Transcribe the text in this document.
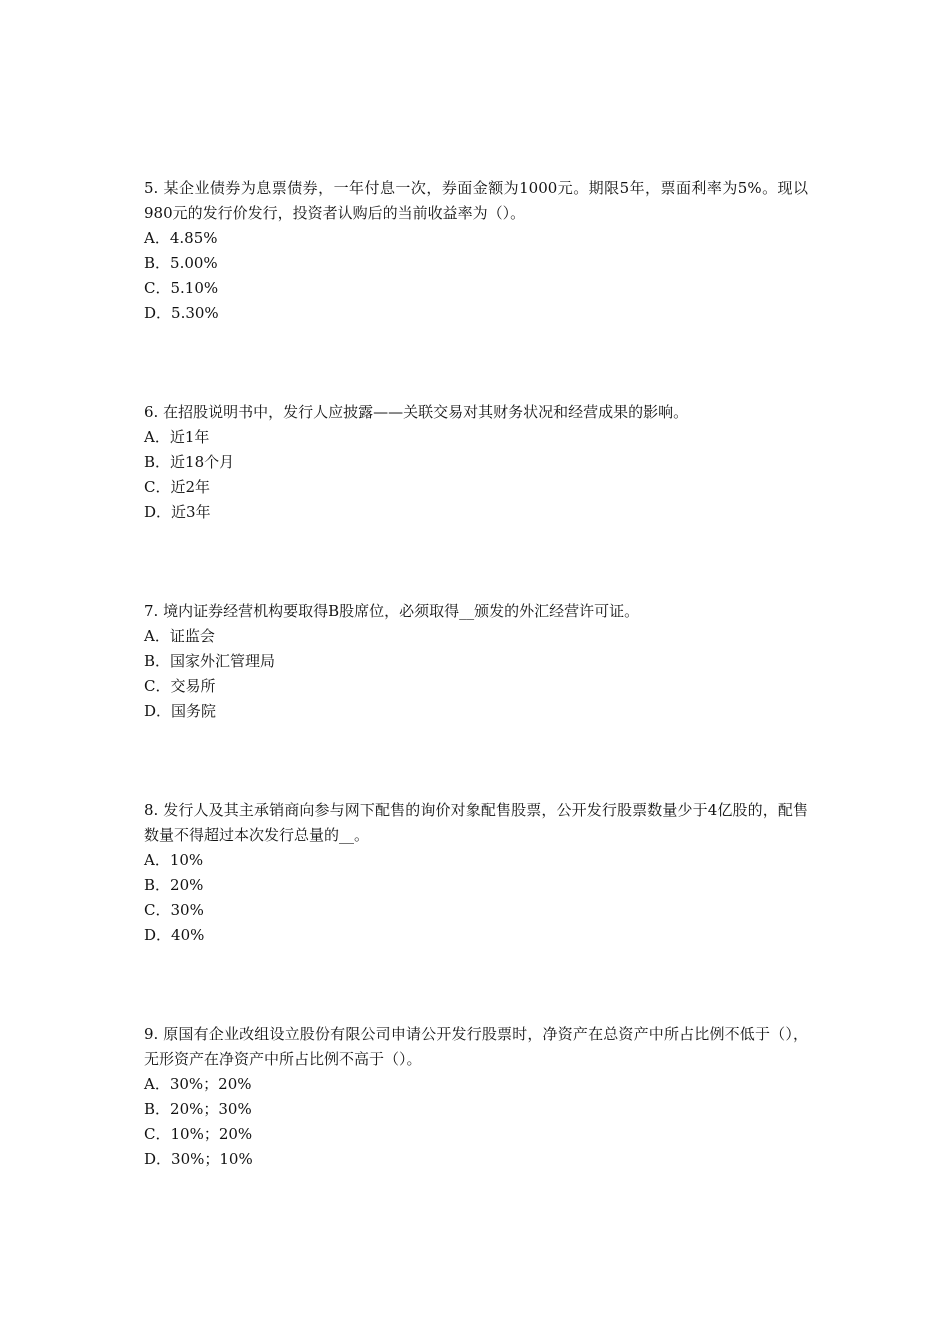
5. 某企业债券为息票债券，一年付息一次，券面金额为1000元。期限5年，票面利率为5%。现以980元的发行价发行，投资者认购后的当前收益率为（）。

A．4.85%
B．5.00%
C．5.10%
D．5.30%

6. 在招股说明书中，发行人应披露——关联交易对其财务状况和经营成果的影响。

A．近1年
B．近18个月
C．近2年
D．近3年

7. 境内证券经营机构要取得B股席位，必须取得__颁发的外汇经营许可证。

A．证监会
B．国家外汇管理局
C．交易所
D．国务院

8. 发行人及其主承销商向参与网下配售的询价对象配售股票，公开发行股票数量少于4亿股的，配售数量不得超过本次发行总量的__。

A．10%
B．20%
C．30%
D．40%

9. 原国有企业改组设立股份有限公司申请公开发行股票时，净资产在总资产中所占比例不低于（），无形资产在净资产中所占比例不高于（）。

A．30%；20%
B．20%；30%
C．10%；20%
D．30%；10%
